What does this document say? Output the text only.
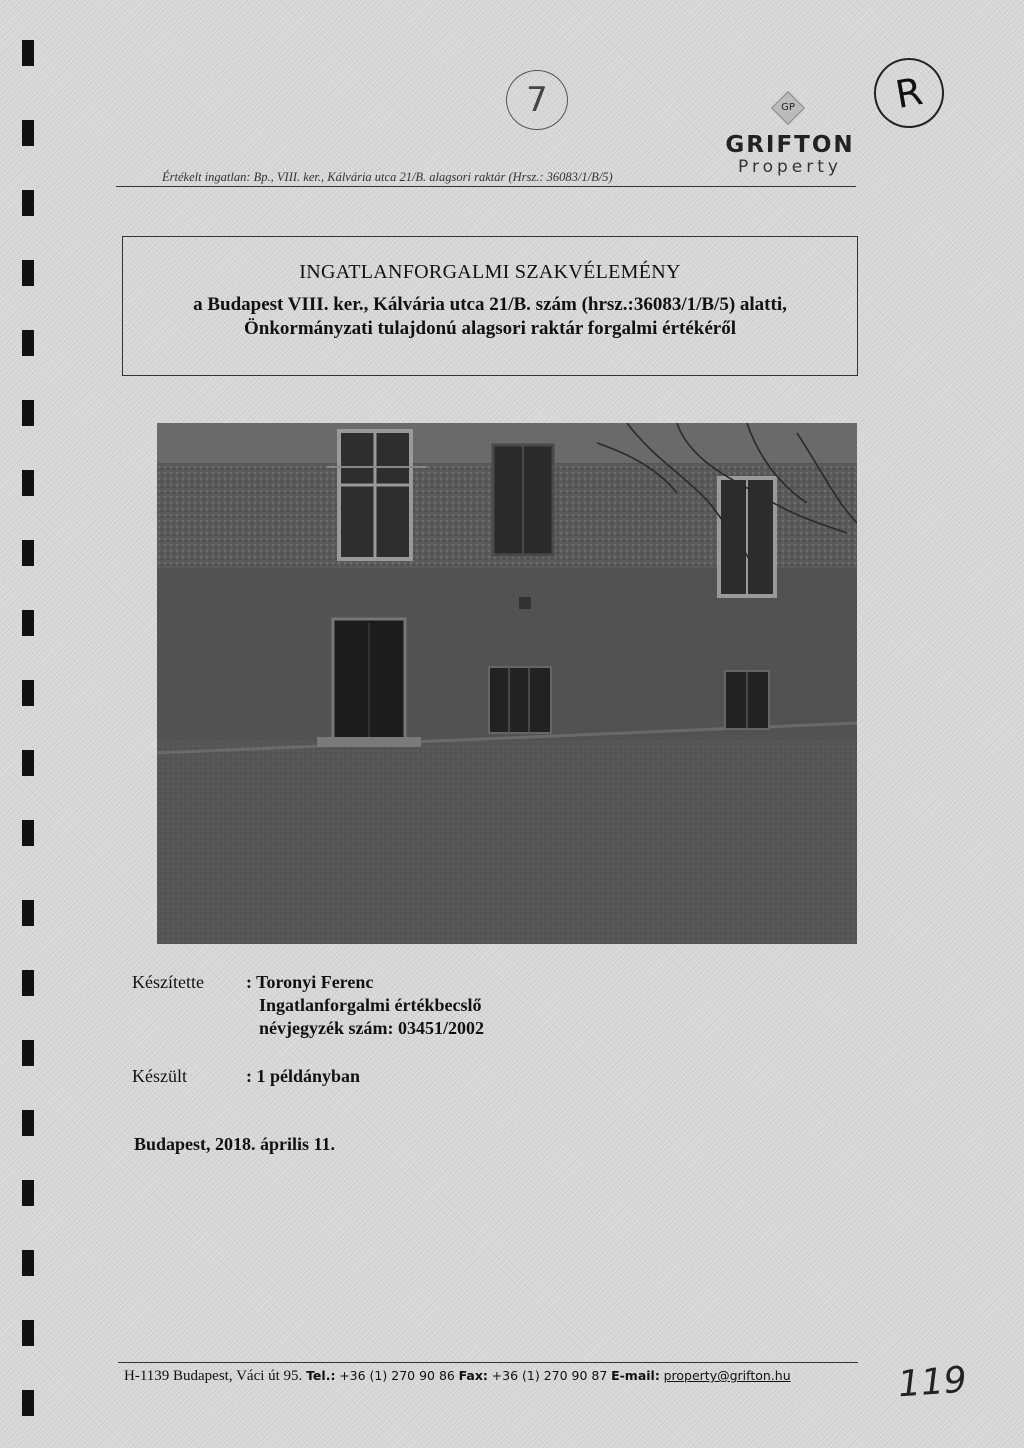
7	R
GP
GRIFTON
Property
Értékelt ingatlan: Bp., VIII. ker., Kálvária utca 21/B. alagsori raktár (Hrsz.: 36083/1/B/5)
INGATLANFORGALMI SZAKVÉLEMÉNY
a Budapest VIII. ker., Kálvária utca 21/B. szám (hrsz.:36083/1/B/5) alatti,
Önkormányzati tulajdonú alagsori raktár forgalmi értékéről
Készítette : Toronyi Ferenc
Ingatlanforgalmi értékbecslő
névjegyzék szám: 03451/2002
Készült	: 1 példányban
Budapest, 2018. április 11.
H-1139 Budapest, Váci út 95. Tel.: +36 (1) 270 90 86 Fax: +36 (1) 270 90 87 E-mail: property@grifton.hu	119
